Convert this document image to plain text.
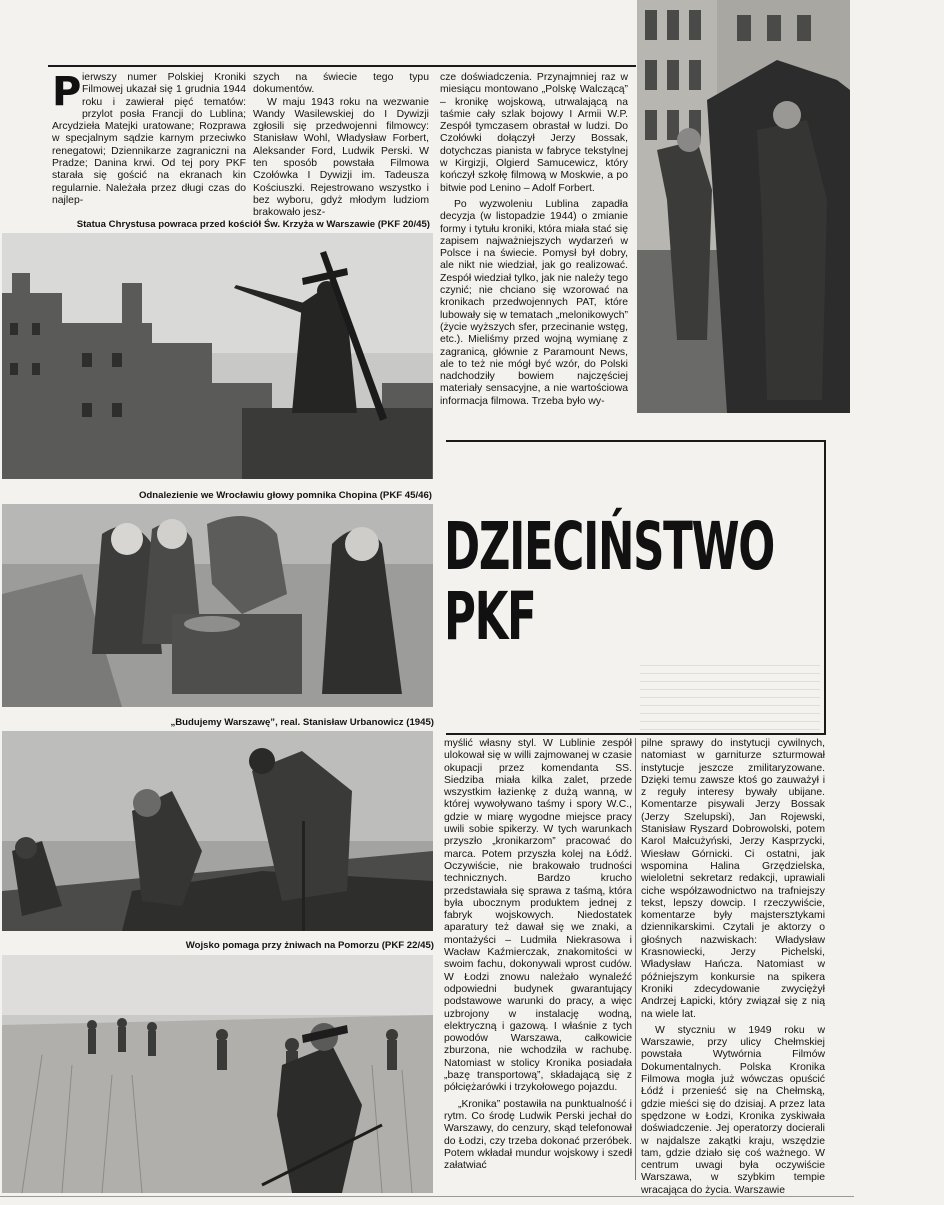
P ierwszy numer Polskiej Kroniki Filmowej ukazał się 1 grudnia 1944 roku i zawierał pięć tematów: przylot posła Francji do Lublina; Arcydzieła Matejki uratowane; Rozprawa w specjalnym sądzie karnym przeciwko renegatowi; Dziennikarze zagraniczni na Pradze; Danina krwi. Od tej pory PKF starała się gościć na ekranach kin regularnie. Należała przez długi czas do najlep-

szych na świecie tego typu dokumentów.

W maju 1943 roku na wezwanie Wandy Wasilewskiej do I Dywizji zgłosili się przedwojenni filmowcy: Stanisław Wohl, Władysław Forbert, Aleksander Ford, Ludwik Perski. W ten sposób powstała Filmowa Czołówka I Dywizji im. Tadeusza Kościuszki. Rejestrowano wszystko i bez wyboru, gdyż młodym ludziom brakowało jesz-

cze doświadczenia. Przynajmniej raz w miesiącu montowano „Polskę Walczącą” – kronikę wojskową, utrwalającą na taśmie cały szlak bojowy I Armii W.P. Zespół tymczasem obrastał w ludzi. Do Czołówki dołączył Jerzy Bossak, dotychczas pianista w fabryce tekstylnej w Kirgizji, Olgierd Samucewicz, który kończył szkołę filmową w Moskwie, a po bitwie pod Lenino – Adolf Forbert.

Po wyzwoleniu Lublina zapadła decyzja (w listopadzie 1944) o zmianie formy i tytułu kroniki, która miała stać się zapisem najważniejszych wydarzeń w Polsce i na świecie. Pomysł był dobry, ale nikt nie wiedział, jak go realizować. Zespół wiedział tylko, jak nie należy tego czynić; nie chciano się wzorować na kronikach przedwojennych PAT, które lubowały się w tematach „melonikowych” (życie wyższych sfer, przecinanie wstęg, etc.). Mieliśmy przed wojną wymianę z zagranicą, głównie z Paramount News, ale to też nie mógł być wzór, do Polski nadchodziły bowiem najczęściej materiały sensacyjne, a nie wartościowa informacja filmowa. Trzeba było wy-

Statua Chrystusa powraca przed kościół Św. Krzyża w Warszawie (PKF 20/45)
Odnalezienie we Wrocławiu głowy pomnika Chopina (PKF 45/46)
„Budujemy Warszawę”, real. Stanisław Urbanowicz (1945)
Wojsko pomaga przy żniwach na Pomorzu (PKF 22/45)
DZIECIŃSTWO
PKF

myślić własny styl. W Lublinie zespół ulokował się w willi zajmowanej w czasie okupacji przez komendanta SS. Siedziba miała kilka zalet, przede wszystkim łazienkę z dużą wanną, w której wywoływano taśmy i spory W.C., gdzie w miarę wygodne miejsce pracy uwili sobie spikerzy. W tych warunkach przyszło „kronikarzom” pracować do marca. Potem przyszła kolej na Łódź. Oczywiście, nie brakowało trudności technicznych. Bardzo krucho przedstawiała się sprawa z taśmą, która była ubocznym produktem jednej z fabryk wojskowych. Niedostatek aparatury też dawał się we znaki, a montażyści – Ludmiła Niekrasowa i Wacław Kaźmierczak, znakomitości w swoim fachu, dokonywali wprost cudów. W Łodzi znowu należało wynaleźć odpowiedni budynek gwarantujący podstawowe warunki do pracy, a więc uzbrojony w instalację wodną, elektryczną i gazową. I właśnie z tych powodów Warszawa, całkowicie zburzona, nie wchodziła w rachubę. Natomiast w stolicy Kronika posiadała „bazę transportową”, składającą się z półciężarówki i trzykołowego pojazdu.

„Kronika” postawiła na punktualność i rytm. Co środę Ludwik Perski jechał do Warszawy, do cenzury, skąd telefonował do Łodzi, czy trzeba dokonać przeróbek. Potem wkładał mundur wojskowy i szedł załatwiać

pilne sprawy do instytucji cywilnych, natomiast w garniturze szturmował instytucje jeszcze zmilitaryzowane. Dzięki temu zawsze ktoś go zauważył i z reguły interesy bywały ubijane. Komentarze pisywali Jerzy Bossak (Jerzy Szelupski), Jan Rojewski, Stanisław Ryszard Dobrowolski, potem Karol Małcużyński, Jerzy Kasprzycki, Wiesław Górnicki. Ci ostatni, jak wspomina Halina Grzędzielska, wieloletni sekretarz redakcji, uprawiali ciche współzawodnictwo na trafniejszy tekst, lepszy dowcip. I rzeczywiście, komentarze były majstersztykami dziennikarskimi. Czytali je aktorzy o głośnych nazwiskach: Władysław Krasnowiecki, Jerzy Pichelski, Władysław Hańcza. Natomiast w późniejszym konkursie na spikera Kroniki zdecydowanie zwyciężył Andrzej Łapicki, który związał się z nią na wiele lat.

W styczniu w 1949 roku w Warszawie, przy ulicy Chełmskiej powstała Wytwórnia Filmów Dokumentalnych. Polska Kronika Filmowa mogła już wówczas opuścić Łódź i przenieść się na Chełmską, gdzie mieści się do dzisiaj. A przez lata spędzone w Łodzi, Kronika zyskiwała doświadczenie. Jej operatorzy docierali w najdalsze zakątki kraju, wszędzie tam, gdzie działo się coś ważnego. W centrum uwagi była oczywiście Warszawa, w szybkim tempie wracająca do życia. Warszawie
